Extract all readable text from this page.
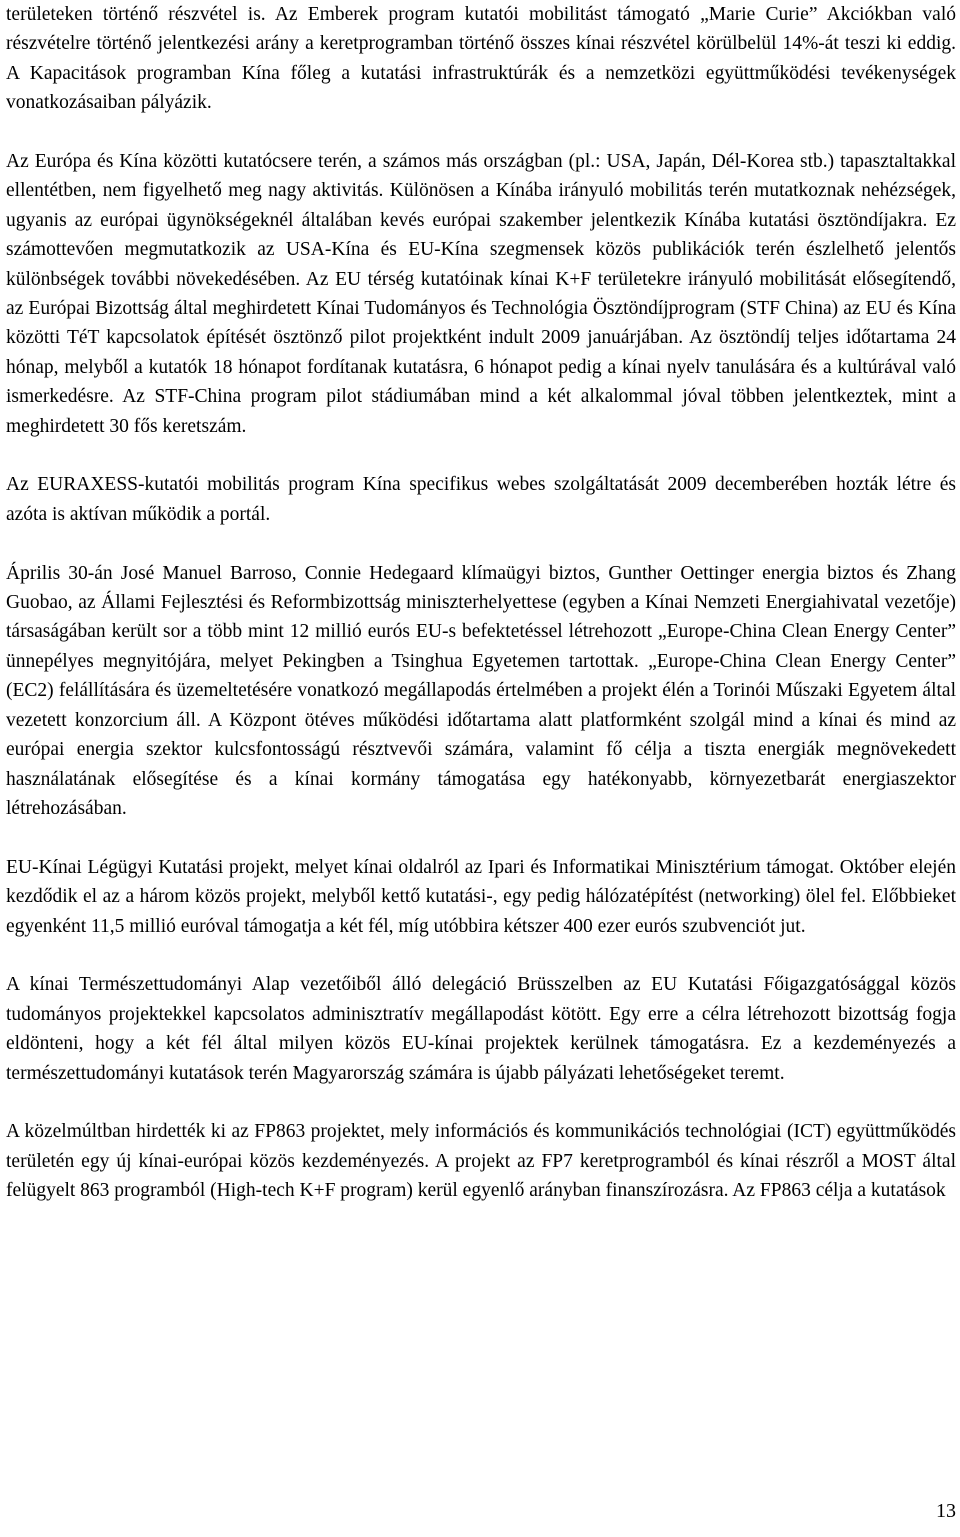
területeken történő részvétel is. Az Emberek program kutatói mobilitást támogató „Marie Curie” Akciókban való részvételre történő jelentkezési arány a keretprogramban történő összes kínai részvétel körülbelül 14%-át teszi ki eddig. A Kapacitások programban Kína főleg a kutatási infrastruktúrák és a nemzetközi együttműködési tevékenységek vonatkozásaiban pályázik.

Az Európa és Kína közötti kutatócsere terén, a számos más országban (pl.: USA, Japán, Dél-Korea stb.) tapasztaltakkal ellentétben, nem figyelhető meg nagy aktivitás. Különösen a Kínába irányuló mobilitás terén mutatkoznak nehézségek, ugyanis az európai ügynökségeknél általában kevés európai szakember jelentkezik Kínába kutatási ösztöndíjakra. Ez számottevően megmutatkozik az USA-Kína és EU-Kína szegmensek közös publikációk terén észlelhető jelentős különbségek további növekedésében. Az EU térség kutatóinak kínai K+F területekre irányuló mobilitását elősegítendő, az Európai Bizottság által meghirdetett Kínai Tudományos és Technológia Ösztöndíjprogram (STF China) az EU és Kína közötti TéT kapcsolatok építését ösztönző pilot projektként indult 2009 januárjában. Az ösztöndíj teljes időtartama 24 hónap, melyből a kutatók 18 hónapot fordítanak kutatásra, 6 hónapot pedig a kínai nyelv tanulására és a kultúrával való ismerkedésre. Az STF-China program pilot stádiumában mind a két alkalommal jóval többen jelentkeztek, mint a meghirdetett 30 fős keretszám.

Az EURAXESS-kutatói mobilitás program Kína specifikus webes szolgáltatását 2009 decemberében hozták létre és azóta is aktívan működik a portál.

Április 30-án José Manuel Barroso, Connie Hedegaard klímaügyi biztos, Gunther Oettinger energia biztos és Zhang Guobao, az Állami Fejlesztési és Reformbizottság miniszterhelyettese (egyben a Kínai Nemzeti Energiahivatal vezetője) társaságában került sor a több mint 12 millió eurós EU-s befektetéssel létrehozott „Europe-China Clean Energy Center” ünnepélyes megnyitójára, melyet Pekingben a Tsinghua Egyetemen tartottak. „Europe-China Clean Energy Center” (EC2) felállítására és üzemeltetésére vonatkozó megállapodás értelmében a projekt élén a Torinói Műszaki Egyetem által vezetett konzorcium áll. A Központ ötéves működési időtartama alatt platformként szolgál mind a kínai és mind az európai energia szektor kulcsfontosságú résztvevői számára, valamint fő célja a tiszta energiák megnövekedett használatának elősegítése és a kínai kormány támogatása egy hatékonyabb, környezetbarát energiaszektor létrehozásában.

EU-Kínai Légügyi Kutatási projekt, melyet kínai oldalról az Ipari és Informatikai Minisztérium támogat. Október elején kezdődik el az a három közös projekt, melyből kettő kutatási-, egy pedig hálózatépítést (networking) ölel fel. Előbbieket egyenként 11,5 millió euróval támogatja a két fél, míg utóbbira kétszer 400 ezer eurós szubvenciót jut.

A kínai Természettudományi Alap vezetőiből álló delegáció Brüsszelben az EU Kutatási Főigazgatósággal közös tudományos projektekkel kapcsolatos adminisztratív megállapodást kötött. Egy erre a célra létrehozott bizottság fogja eldönteni, hogy a két fél által milyen közös EU-kínai projektek kerülnek támogatásra. Ez a kezdeményezés a természettudományi kutatások terén Magyarország számára is újabb pályázati lehetőségeket teremt.

A közelmúltban hirdették ki az FP863 projektet, mely információs és kommunikációs technológiai (ICT) együttműködés területén egy új kínai-európai közös kezdeményezés. A projekt az FP7 keretprogramból és kínai részről a MOST által felügyelt 863 programból (High-tech K+F program) kerül egyenlő arányban finanszírozásra. Az FP863 célja a kutatások

13
